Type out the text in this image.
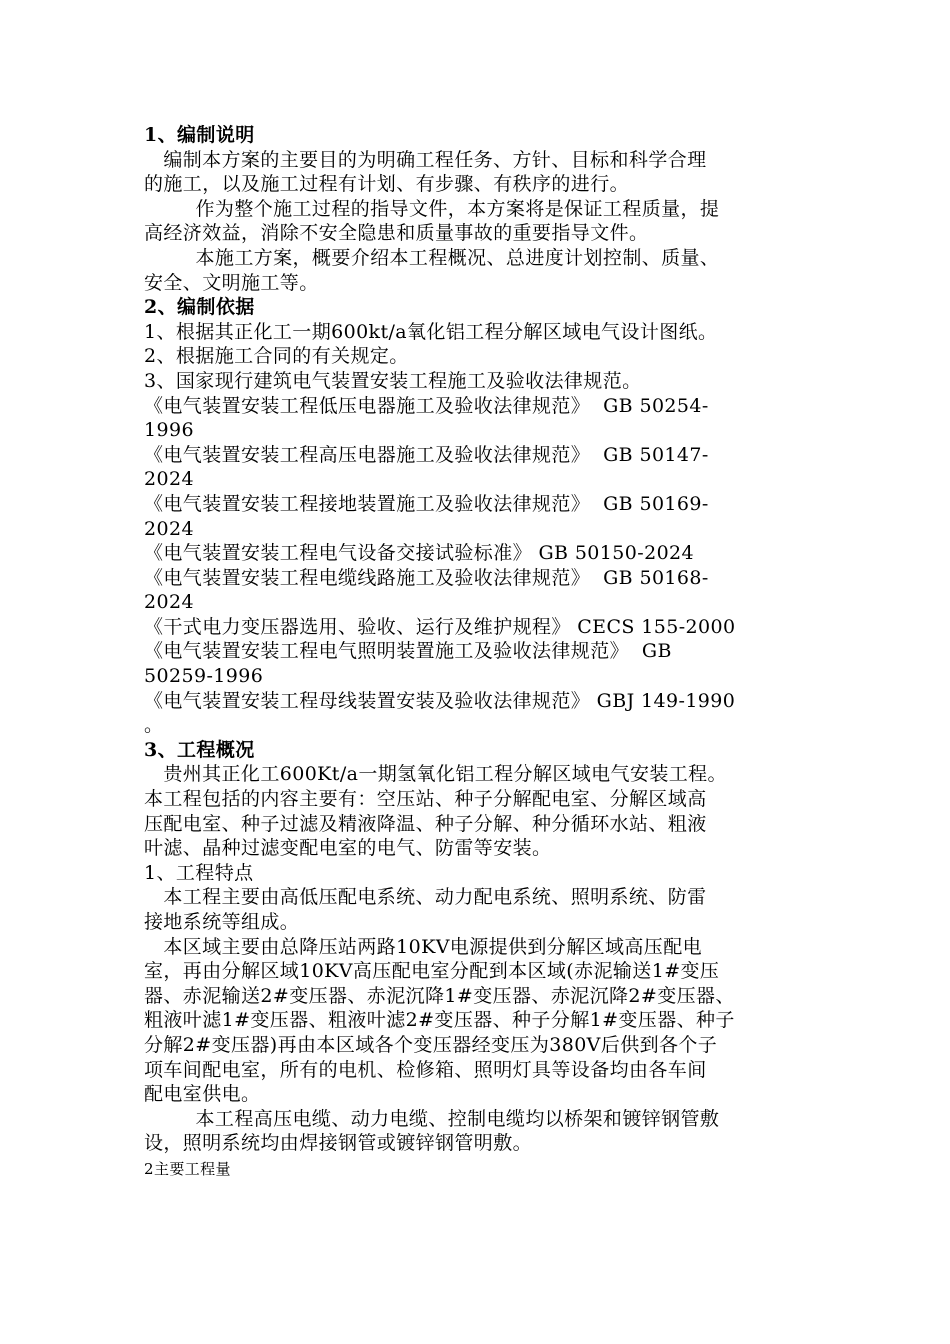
1、编制说明
编制本方案的主要目的为明确工程任务、方针、目标和科学合理
的施工，以及施工过程有计划、有步骤、有秩序的进行。
作为整个施工过程的指导文件，本方案将是保证工程质量，提
高经济效益，消除不安全隐患和质量事故的重要指导文件。
本施工方案，概要介绍本工程概况、总进度计划控制、质量、
安全、文明施工等。
2、编制依据
1、根据其正化工一期600kt/a氧化铝工程分解区域电气设计图纸。
2、根据施工合同的有关规定。
3、国家现行建筑电气装置安装工程施工及验收法律规范。
《电气装置安装工程低压电器施工及验收法律规范》  GB 50254-
1996
《电气装置安装工程高压电器施工及验收法律规范》  GB 50147-
2024
《电气装置安装工程接地装置施工及验收法律规范》  GB 50169-
2024
《电气装置安装工程电气设备交接试验标准》 GB 50150-2024
《电气装置安装工程电缆线路施工及验收法律规范》  GB 50168-
2024
《干式电力变压器选用、验收、运行及维护规程》 CECS 155-2000
《电气装置安装工程电气照明装置施工及验收法律规范》  GB
50259-1996
《电气装置安装工程母线装置安装及验收法律规范》 GBJ 149-1990
。
3、工程概况
贵州其正化工600Kt/a一期氢氧化铝工程分解区域电气安装工程。
本工程包括的内容主要有：空压站、种子分解配电室、分解区域高
压配电室、种子过滤及精液降温、种子分解、种分循环水站、粗液
叶滤、晶种过滤变配电室的电气、防雷等安装。
1、工程特点
本工程主要由高低压配电系统、动力配电系统、照明系统、防雷
接地系统等组成。
本区域主要由总降压站两路10KV电源提供到分解区域高压配电
室，再由分解区域10KV高压配电室分配到本区域(赤泥输送1#变压
器、赤泥输送2#变压器、赤泥沉降1#变压器、赤泥沉降2#变压器、
粗液叶滤1#变压器、粗液叶滤2#变压器、种子分解1#变压器、种子
分解2#变压器)再由本区域各个变压器经变压为380V后供到各个子
项车间配电室，所有的电机、检修箱、照明灯具等设备均由各车间
配电室供电。
本工程高压电缆、动力电缆、控制电缆均以桥架和镀锌钢管敷
设，照明系统均由焊接钢管或镀锌钢管明敷。
2主要工程量
